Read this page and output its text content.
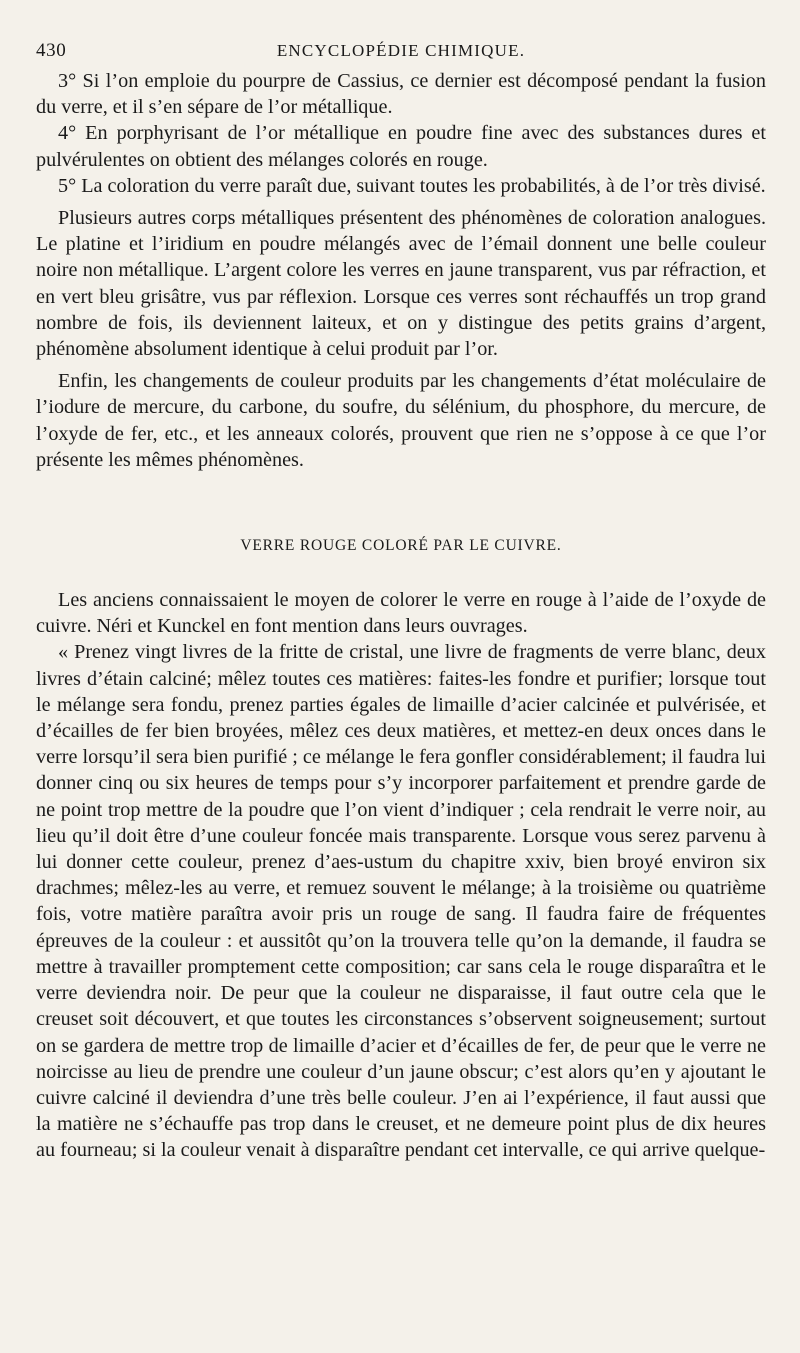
430	ENCYCLOPÉDIE CHIMIQUE.

3° Si l’on emploie du pourpre de Cassius, ce dernier est décomposé pendant la fusion du verre, et il s’en sépare de l’or métallique.

4° En porphyrisant de l’or métallique en poudre fine avec des substances dures et pulvérulentes on obtient des mélanges colorés en rouge.

5° La coloration du verre paraît due, suivant toutes les probabilités, à de l’or très divisé.

Plusieurs autres corps métalliques présentent des phénomènes de coloration analogues. Le platine et l’iridium en poudre mélangés avec de l’émail donnent une belle couleur noire non métallique. L’argent colore les verres en jaune transparent, vus par réfraction, et en vert bleu grisâtre, vus par réflexion. Lorsque ces verres sont réchauffés un trop grand nombre de fois, ils deviennent laiteux, et on y distingue des petits grains d’argent, phénomène absolument identique à celui produit par l’or.

Enfin, les changements de couleur produits par les changements d’état moléculaire de l’iodure de mercure, du carbone, du soufre, du sélénium, du phosphore, du mercure, de l’oxyde de fer, etc., et les anneaux colorés, prouvent que rien ne s’oppose à ce que l’or présente les mêmes phénomènes.

VERRE ROUGE COLORÉ PAR LE CUIVRE.

Les anciens connaissaient le moyen de colorer le verre en rouge à l’aide de l’oxyde de cuivre. Néri et Kunckel en font mention dans leurs ouvrages.

« Prenez vingt livres de la fritte de cristal, une livre de fragments de verre blanc, deux livres d’étain calciné; mêlez toutes ces matières: faites-les fondre et purifier; lorsque tout le mélange sera fondu, prenez parties égales de limaille d’acier calcinée et pulvérisée, et d’écailles de fer bien broyées, mêlez ces deux matières, et mettez-en deux onces dans le verre lorsqu’il sera bien purifié ; ce mélange le fera gonfler considérablement; il faudra lui donner cinq ou six heures de temps pour s’y incorporer parfaitement et prendre garde de ne point trop mettre de la poudre que l’on vient d’indiquer ; cela rendrait le verre noir, au lieu qu’il doit être d’une couleur foncée mais transparente. Lorsque vous serez parvenu à lui donner cette couleur, prenez d’aes-ustum du chapitre xxiv, bien broyé environ six drachmes; mêlez-les au verre, et remuez souvent le mélange; à la troisième ou quatrième fois, votre matière paraîtra avoir pris un rouge de sang. Il faudra faire de fréquentes épreuves de la couleur : et aussitôt qu’on la trouvera telle qu’on la demande, il faudra se mettre à travailler promptement cette composition; car sans cela le rouge disparaîtra et le verre deviendra noir. De peur que la couleur ne disparaisse, il faut outre cela que le creuset soit découvert, et que toutes les circonstances s’observent soigneusement; surtout on se gardera de mettre trop de limaille d’acier et d’écailles de fer, de peur que le verre ne noircisse au lieu de prendre une couleur d’un jaune obscur; c’est alors qu’en y ajoutant le cuivre calciné il deviendra d’une très belle couleur. J’en ai l’expérience, il faut aussi que la matière ne s’échauffe pas trop dans le creuset, et ne demeure point plus de dix heures au fourneau; si la couleur venait à disparaître pendant cet intervalle, ce qui arrive quelque-
